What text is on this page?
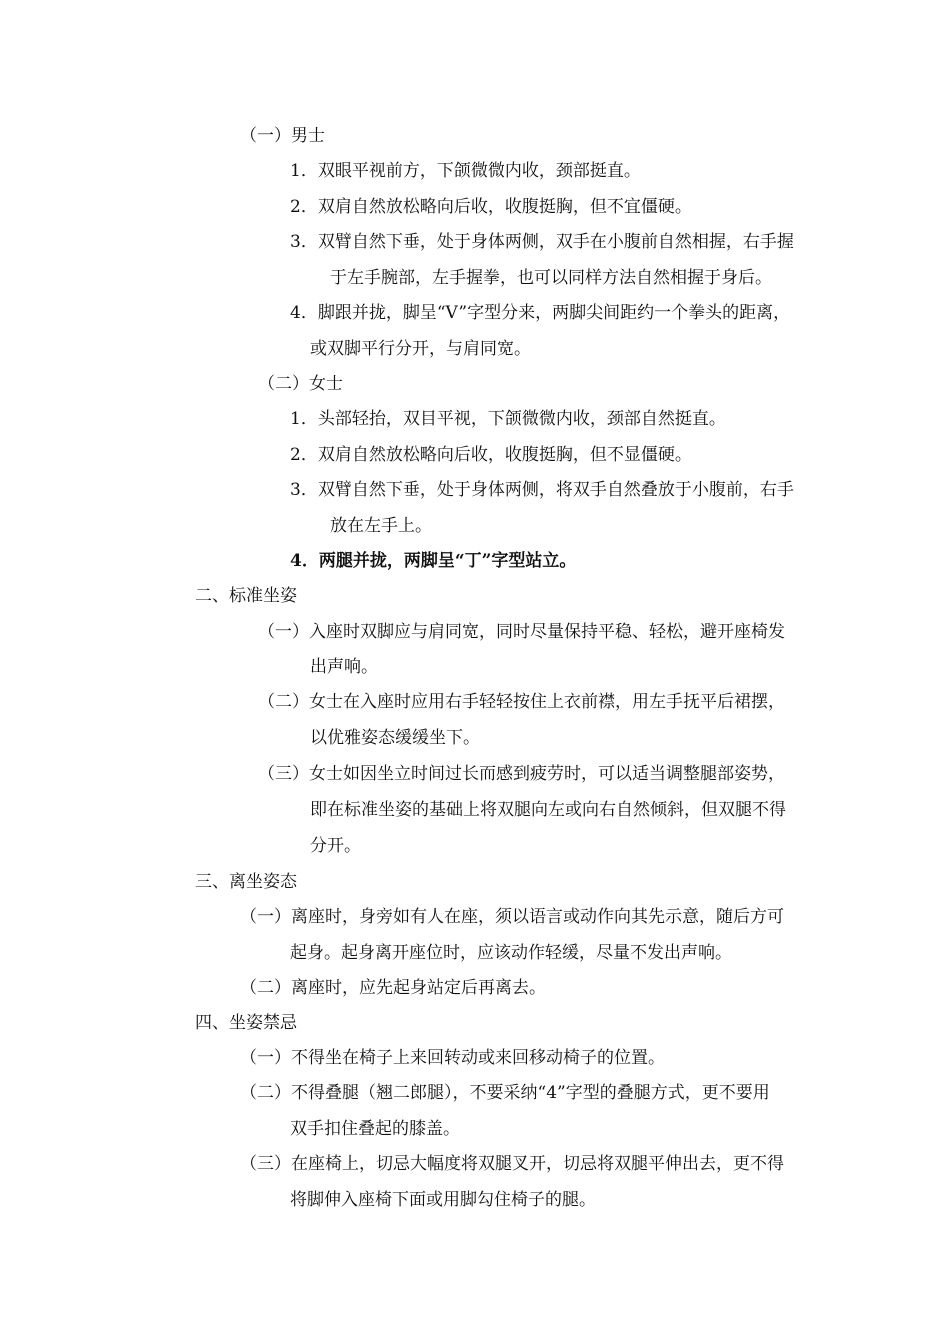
（一）男士
1．双眼平视前方，下颌微微内收，颈部挺直。
2．双肩自然放松略向后收，收腹挺胸，但不宜僵硬。
3．双臂自然下垂，处于身体两侧，双手在小腹前自然相握，右手握
于左手腕部，左手握拳，也可以同样方法自然相握于身后。
4．脚跟并拢，脚呈“V”字型分来，两脚尖间距约一个拳头的距离，
或双脚平行分开，与肩同宽。
（二）女士
1．头部轻抬，双目平视，下颌微微内收，颈部自然挺直。
2．双肩自然放松略向后收，收腹挺胸，但不显僵硬。
3．双臂自然下垂，处于身体两侧，将双手自然叠放于小腹前，右手
放在左手上。
4．两腿并拢，两脚呈“丁”字型站立。
二、标准坐姿
（一）入座时双脚应与肩同宽，同时尽量保持平稳、轻松，避开座椅发
出声响。
（二）女士在入座时应用右手轻轻按住上衣前襟，用左手抚平后裙摆，
以优雅姿态缓缓坐下。
（三）女士如因坐立时间过长而感到疲劳时，可以适当调整腿部姿势，
即在标准坐姿的基础上将双腿向左或向右自然倾斜，但双腿不得
分开。
三、离坐姿态
（一）离座时，身旁如有人在座，须以语言或动作向其先示意，随后方可
起身。起身离开座位时，应该动作轻缓，尽量不发出声响。
（二）离座时，应先起身站定后再离去。
四、坐姿禁忌
（一）不得坐在椅子上来回转动或来回移动椅子的位置。
（二）不得叠腿（翘二郎腿），不要采纳“4”字型的叠腿方式，更不要用
双手扣住叠起的膝盖。
（三）在座椅上，切忌大幅度将双腿叉开，切忌将双腿平伸出去，更不得
将脚伸入座椅下面或用脚勾住椅子的腿。
